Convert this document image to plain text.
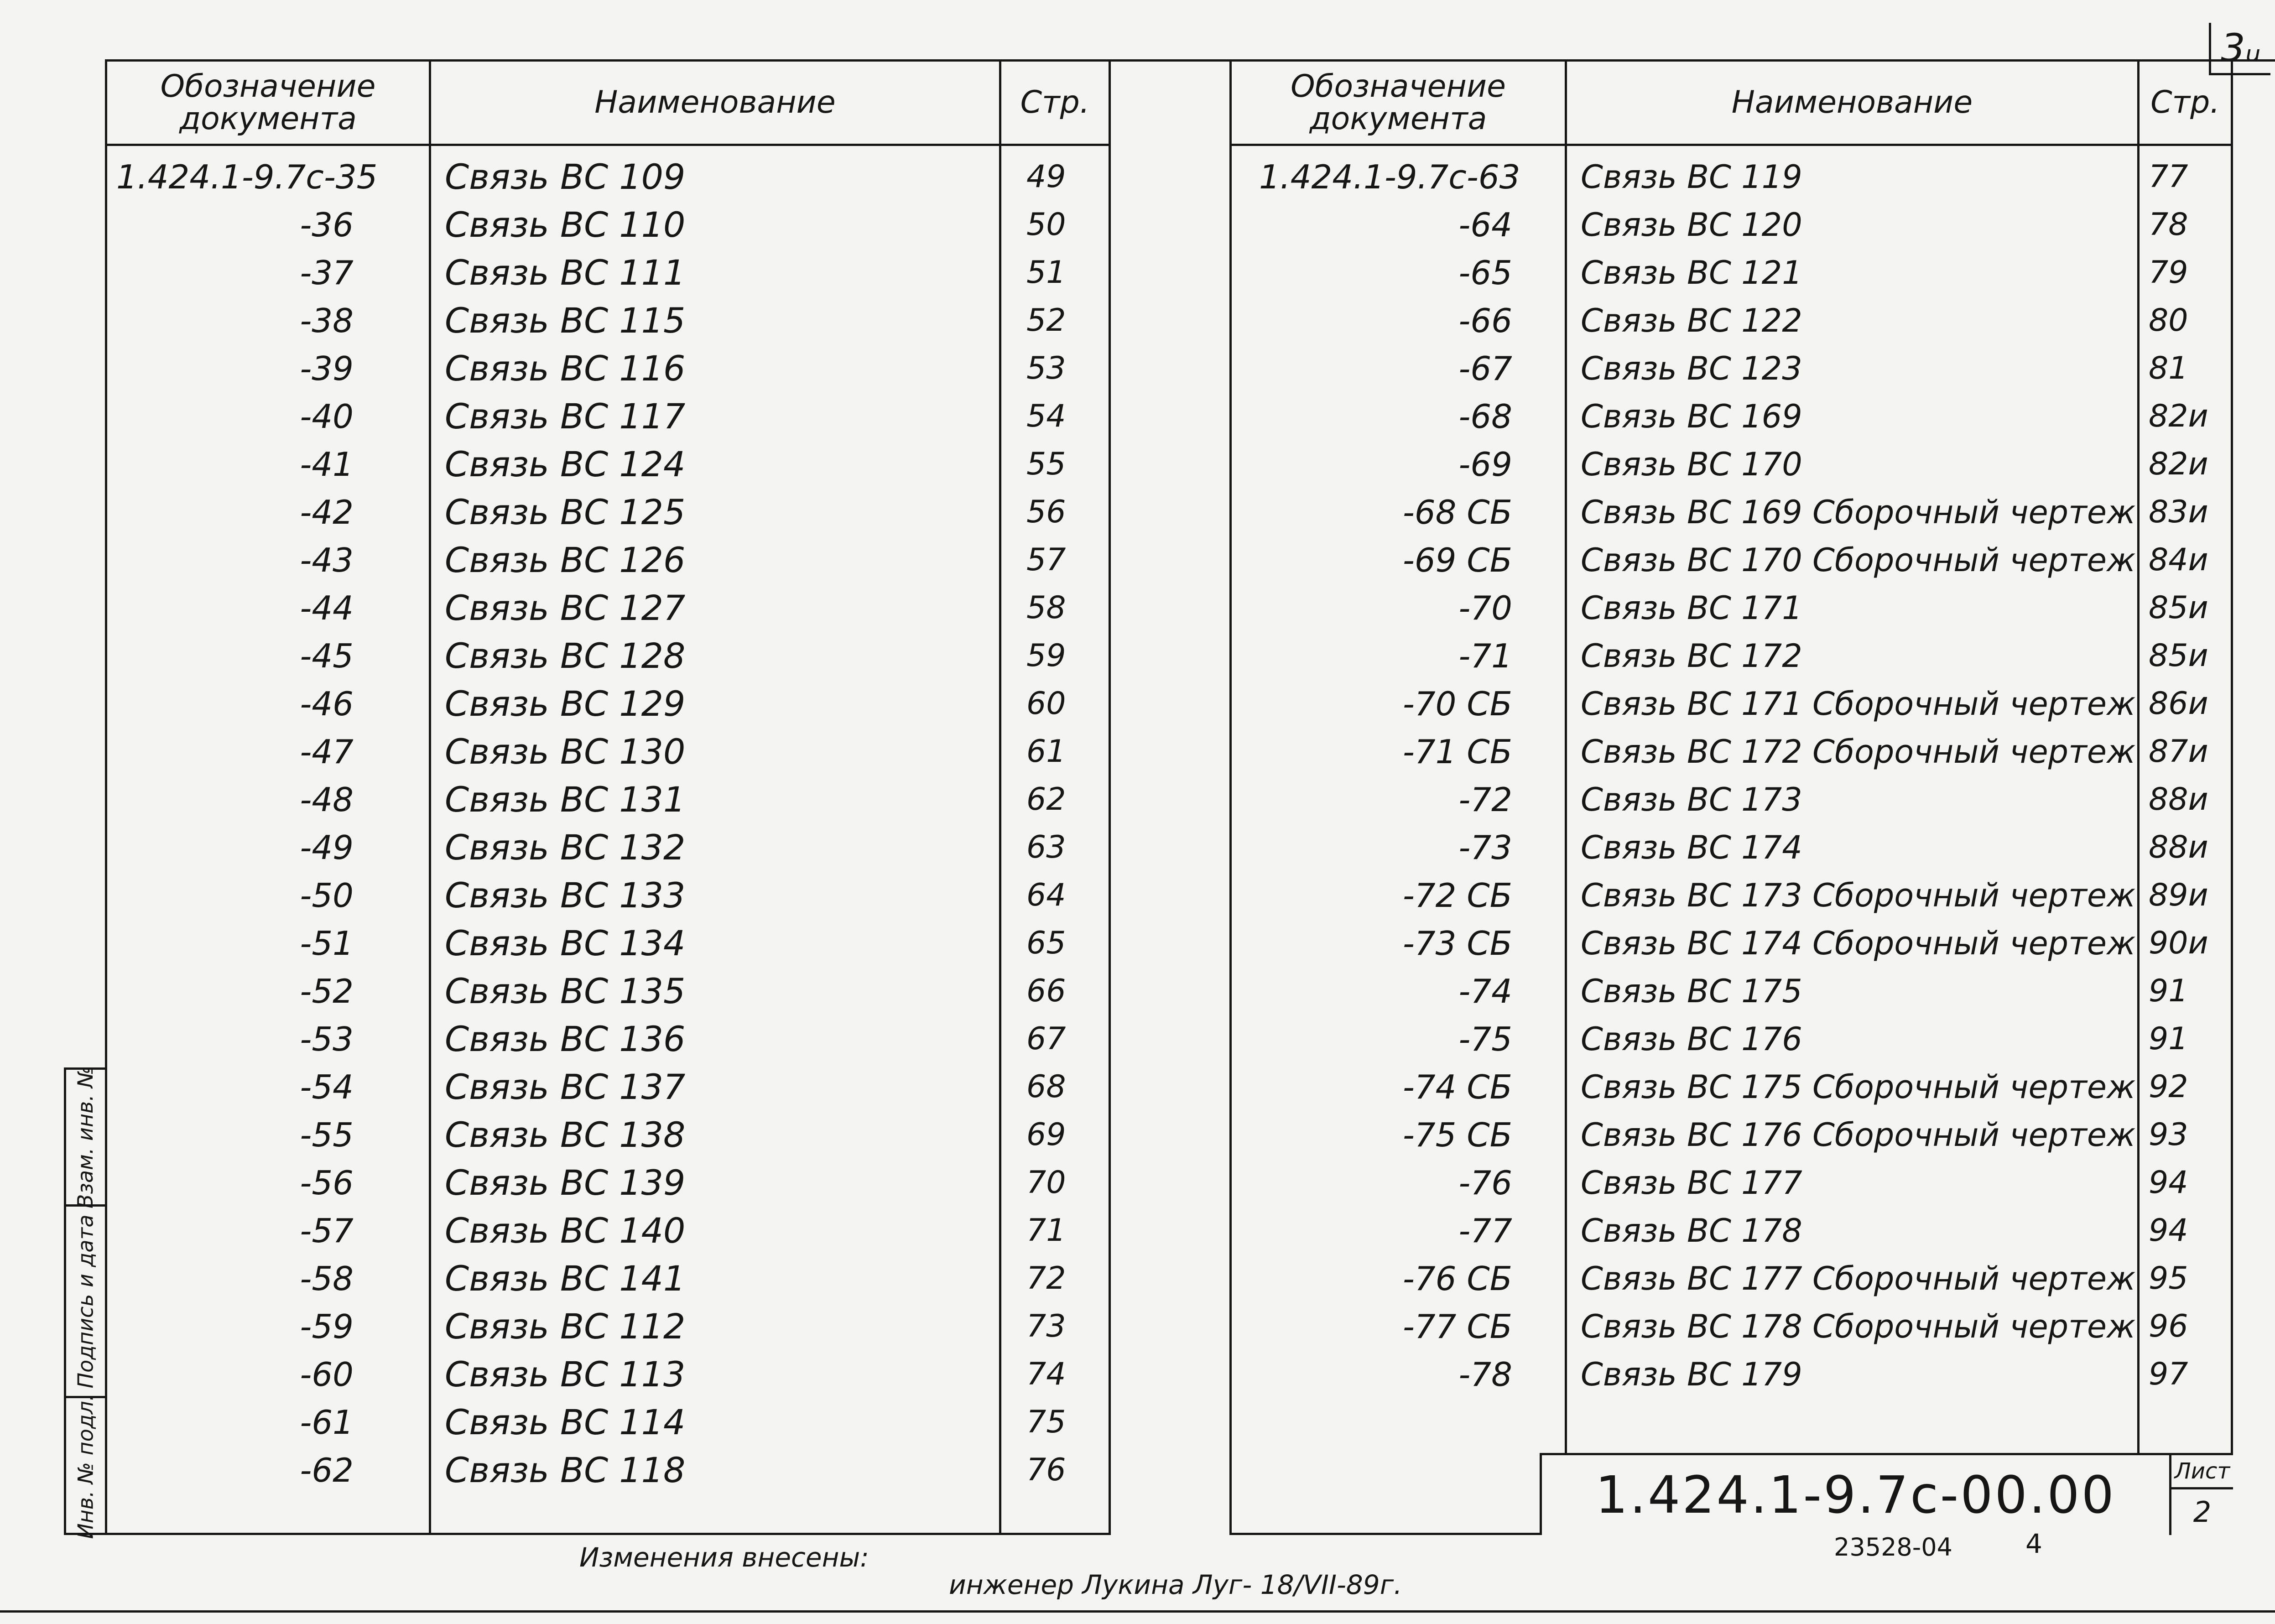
3ᵤ
Обозначение документа	Наименование	Стр.
1.424.1-9.7с-35	Связь ВС 109	49
-36	Связь ВС 110	50
-37	Связь ВС 111	51
-38	Связь ВС 115	52
-39	Связь ВС 116	53
-40	Связь ВС 117	54
-41	Связь ВС 124	55
-42	Связь ВС 125	56
-43	Связь ВС 126	57
-44	Связь ВС 127	58
-45	Связь ВС 128	59
-46	Связь ВС 129	60
-47	Связь ВС 130	61
-48	Связь ВС 131	62
-49	Связь ВС 132	63
-50	Связь ВС 133	64
-51	Связь ВС 134	65
-52	Связь ВС 135	66
-53	Связь ВС 136	67
-54	Связь ВС 137	68
-55	Связь ВС 138	69
-56	Связь ВС 139	70
-57	Связь ВС 140	71
-58	Связь ВС 141	72
-59	Связь ВС 112	73
-60	Связь ВС 113	74
-61	Связь ВС 114	75
-62	Связь ВС 118	76
Обозначение документа	Наименование	Стр.
1.424.1-9.7с-63	Связь ВС 119	77
-64	Связь ВС 120	78
-65	Связь ВС 121	79
-66	Связь ВС 122	80
-67	Связь ВС 123	81
-68	Связь ВС 169	82и
-69	Связь ВС 170	82и
-68 СБ	Связь ВС 169 Сборочный чертеж 83и
-69 СБ	Связь ВС 170 Сборочный чертеж 84и
-70	Связь ВС 171	85и
-71	Связь ВС 172	85и
-70 СБ	Связь ВС 171 Сборочный чертеж 86и
-71 СБ	Связь ВС 172 Сборочный чертеж 87и
-72	Связь ВС 173	88и
-73	Связь ВС 174	88и
-72 СБ	Связь ВС 173 Сборочный чертеж 89и
-73 СБ	Связь ВС 174 Сборочный чертеж 90и
-74	Связь ВС 175	91
-75	Связь ВС 176	91
-74 СБ	Связь ВС 175 Сборочный чертеж 92
-75 СБ	Связь ВС 176 Сборочный чертеж 93
-76	Связь ВС 177	94
-77	Связь ВС 178	94
-76 СБ	Связь ВС 177 Сборочный чертеж 95
-77 СБ	Связь ВС 178 Сборочный чертеж 96
-78	Связь ВС 179	97
1.424.1-9.7с-00.00	Лист
2
Взам. инв. №
Подпись и дата
Инв. № подл.
Изменения внесены:
инженер Лукина Луг- 18/VII-89г.
23528-04	4
